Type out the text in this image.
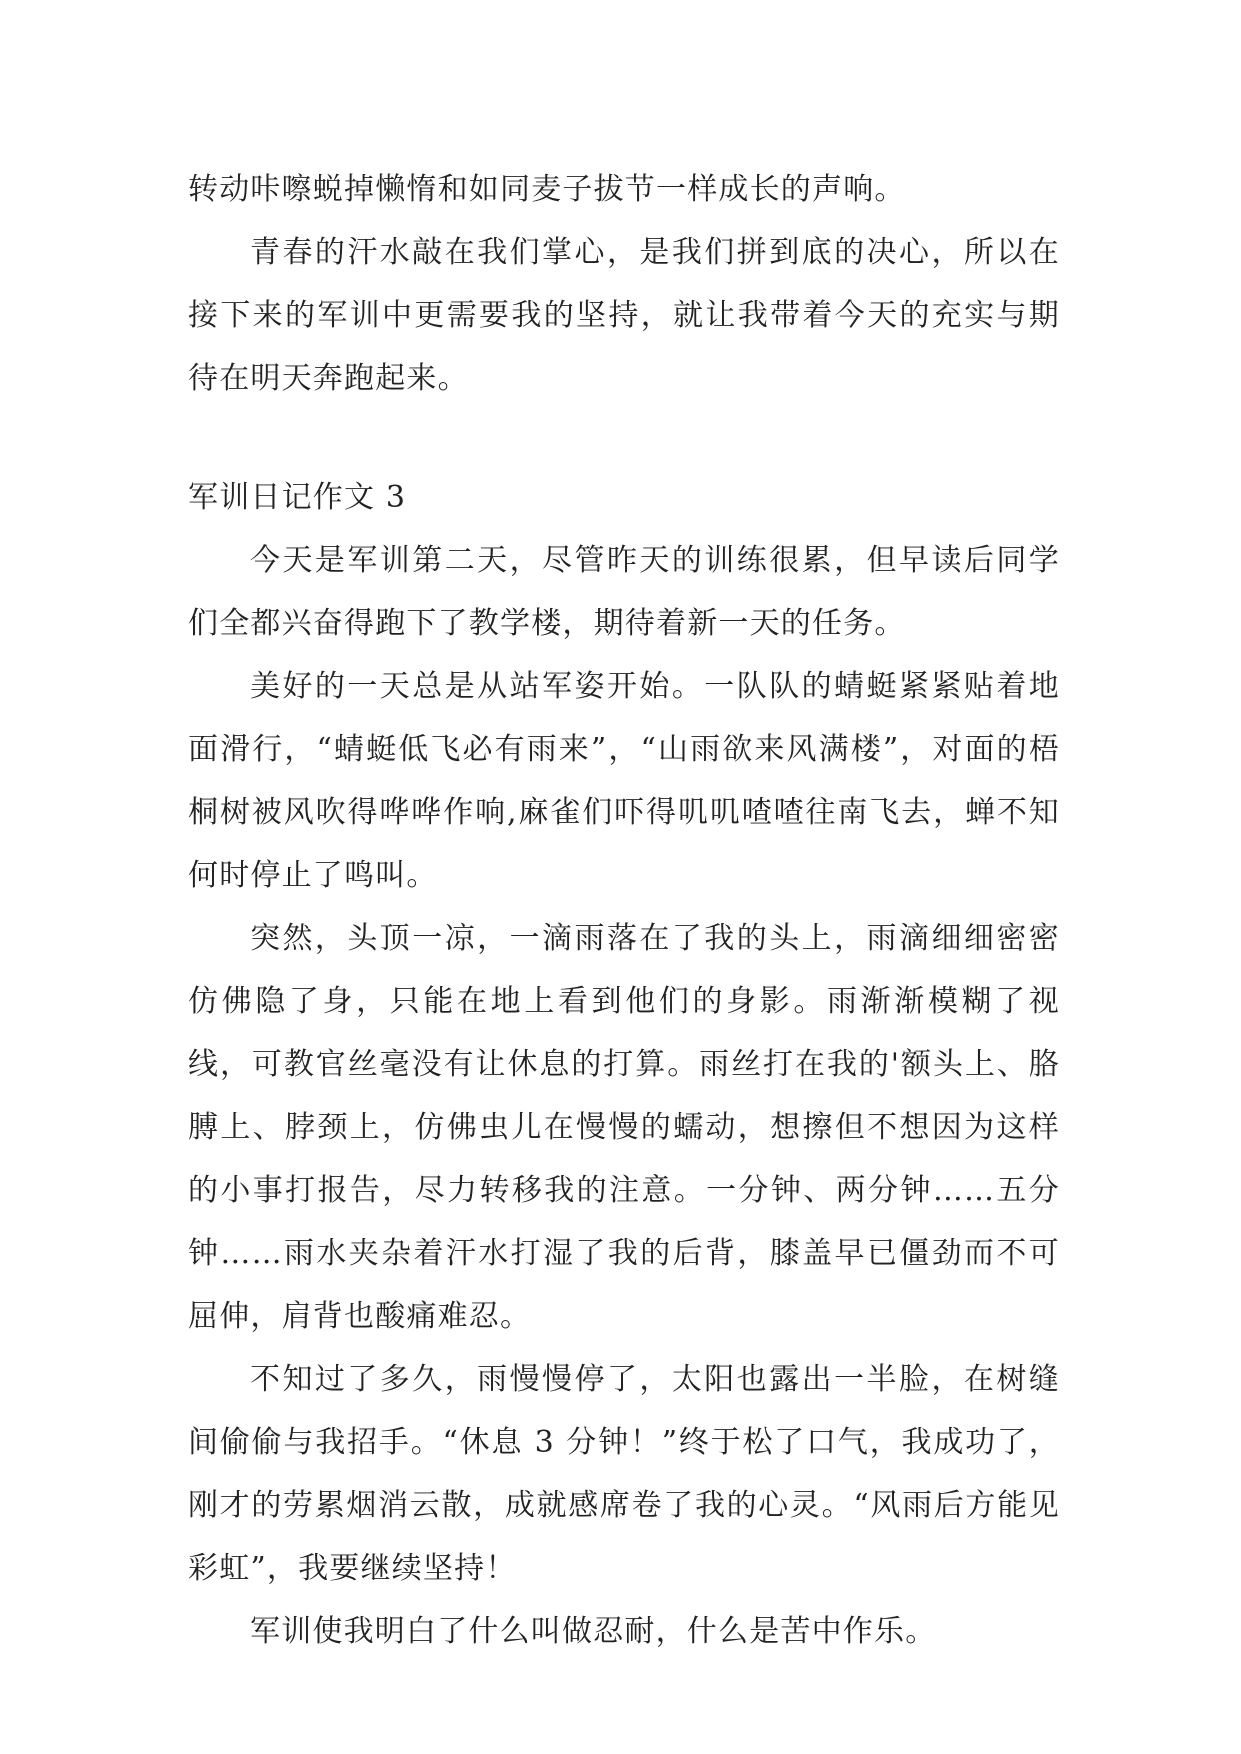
转动咔嚓蜕掉懒惰和如同麦子拔节一样成长的声响。

青春的汗水敲在我们掌心，是我们拼到底的决心，所以在接下来的军训中更需要我的坚持，就让我带着今天的充实与期待在明天奔跑起来。

军训日记作文 3

今天是军训第二天，尽管昨天的训练很累，但早读后同学们全都兴奋得跑下了教学楼，期待着新一天的任务。

美好的一天总是从站军姿开始。一队队的蜻蜓紧紧贴着地面滑行，“蜻蜓低飞必有雨来”，“山雨欲来风满楼”，对面的梧桐树被风吹得哗哗作响,麻雀们吓得叽叽喳喳往南飞去，蝉不知何时停止了鸣叫。

突然，头顶一凉，一滴雨落在了我的头上，雨滴细细密密仿佛隐了身，只能在地上看到他们的身影。雨渐渐模糊了视线，可教官丝毫没有让休息的打算。雨丝打在我的'额头上、胳膊上、脖颈上，仿佛虫儿在慢慢的蠕动，想擦但不想因为这样的小事打报告，尽力转移我的注意。一分钟、两分钟……五分钟……雨水夹杂着汗水打湿了我的后背，膝盖早已僵劲而不可屈伸，肩背也酸痛难忍。

不知过了多久，雨慢慢停了，太阳也露出一半脸，在树缝间偷偷与我招手。“休息 3 分钟！”终于松了口气，我成功了，刚才的劳累烟消云散，成就感席卷了我的心灵。“风雨后方能见彩虹”，我要继续坚持！

军训使我明白了什么叫做忍耐，什么是苦中作乐。
